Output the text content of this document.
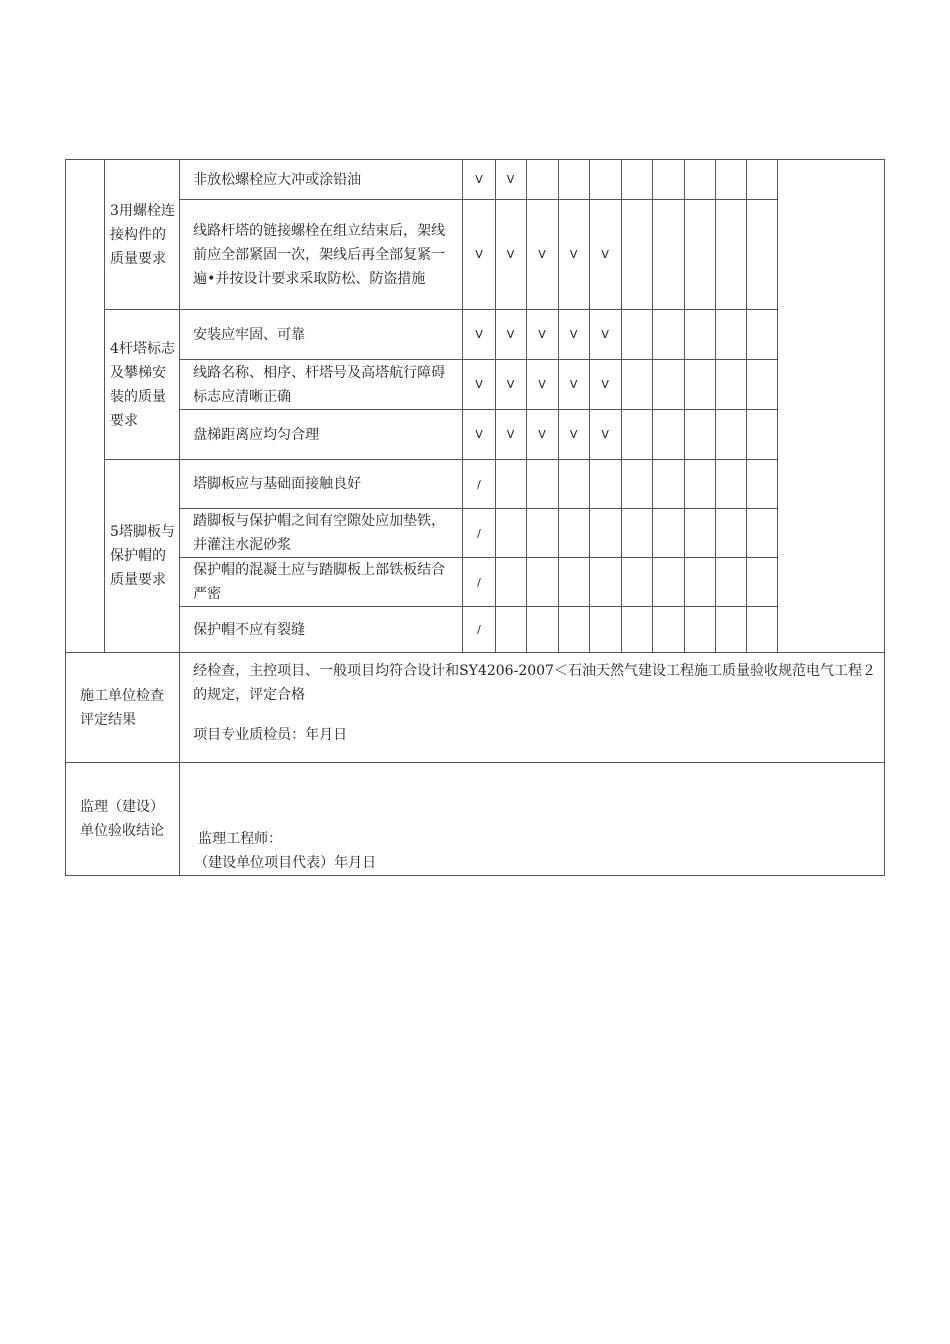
	3用螺栓连接构件的质量要求	非放松螺栓应大冲或涂铅油	V	V									
		线路杆塔的链接螺栓在组立结束后，架线前应全部紧固一次，架线后再全部复紧一遍•并按设计要求采取防松、防盗措施	V	V	V	V	V						
	4杆塔标志及攀梯安装的质量要求	安装应牢固、可靠	V	V	V	V	V						
		线路名称、相序、杆塔号及高塔航行障碍标志应清晰正确	V	V	V	V	V						
		盘梯距离应均匀合理	V	V	V	V	V						
	5塔脚板与保护帽的质量要求	塔脚板应与基础面接触良好	/										
		踏脚板与保护帽之间有空隙处应加垫铁，并灌注水泥砂浆	/										
		保护帽的混凝土应与踏脚板上部铁板结合严密	/										
		保护帽不应有裂缝	/										
施工单位检查评定结果		经检查，主控项目、一般项目均符合设计和SY4206-2007＜石油天然气建设工程施工质量验收规范电气工程２的规定，评定合格
项目专业质检员：年月日											

监理（建设）单位验收结论		监理工程师：
（建设单位项目代表）年月日											
